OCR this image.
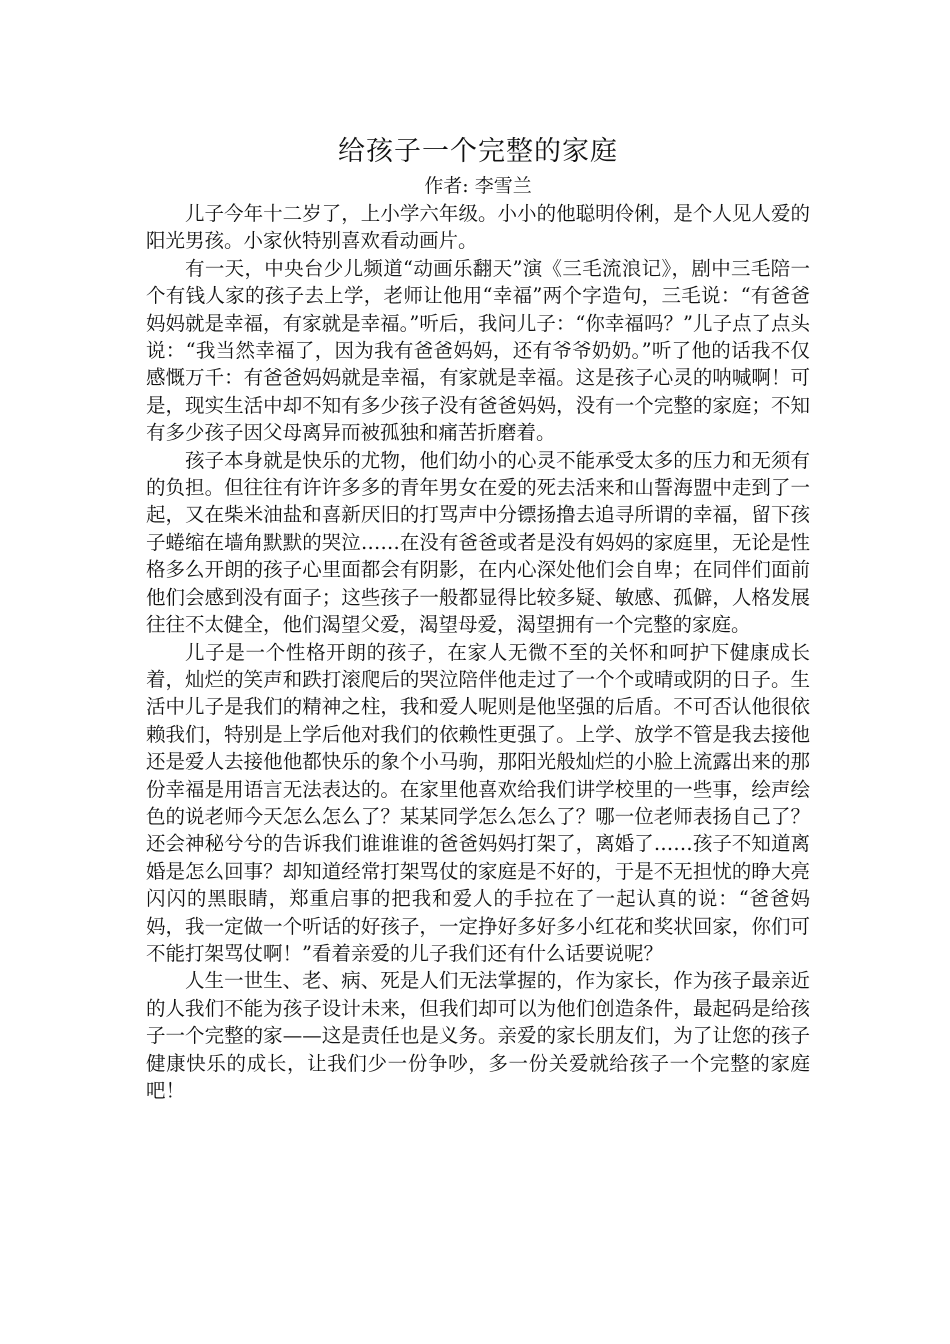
给孩子一个完整的家庭

作者: 李雪兰

儿子今年十二岁了，上小学六年级。小小的他聪明伶俐，是个人见人爱的阳光男孩。小家伙特别喜欢看动画片。

有一天，中央台少儿频道“动画乐翻天”演《三毛流浪记》，剧中三毛陪一个有钱人家的孩子去上学，老师让他用“幸福”两个字造句，三毛说：“有爸爸妈妈就是幸福，有家就是幸福。”听后，我问儿子：“你幸福吗？”儿子点了点头说：“我当然幸福了，因为我有爸爸妈妈，还有爷爷奶奶。”听了他的话我不仅感慨万千：有爸爸妈妈就是幸福，有家就是幸福。这是孩子心灵的呐喊啊！可是，现实生活中却不知有多少孩子没有爸爸妈妈，没有一个完整的家庭；不知有多少孩子因父母离异而被孤独和痛苦折磨着。

孩子本身就是快乐的尤物，他们幼小的心灵不能承受太多的压力和无须有的负担。但往往有许许多多的青年男女在爱的死去活来和山誓海盟中走到了一起，又在柴米油盐和喜新厌旧的打骂声中分镖扬撸去追寻所谓的幸福，留下孩子蜷缩在墙角默默的哭泣……在没有爸爸或者是没有妈妈的家庭里，无论是性格多么开朗的孩子心里面都会有阴影，在内心深处他们会自卑；在同伴们面前他们会感到没有面子；这些孩子一般都显得比较多疑、敏感、孤僻，人格发展往往不太健全，他们渴望父爱，渴望母爱，渴望拥有一个完整的家庭。

儿子是一个性格开朗的孩子，在家人无微不至的关怀和呵护下健康成长着，灿烂的笑声和跌打滚爬后的哭泣陪伴他走过了一个个或晴或阴的日子。生活中儿子是我们的精神之柱，我和爱人呢则是他坚强的后盾。不可否认他很依赖我们，特别是上学后他对我们的依赖性更强了。上学、放学不管是我去接他还是爱人去接他他都快乐的象个小马驹，那阳光般灿烂的小脸上流露出来的那份幸福是用语言无法表达的。在家里他喜欢给我们讲学校里的一些事，绘声绘色的说老师今天怎么怎么了？某某同学怎么怎么了？哪一位老师表扬自己了？还会神秘兮兮的告诉我们谁谁谁的爸爸妈妈打架了，离婚了……孩子不知道离婚是怎么回事？却知道经常打架骂仗的家庭是不好的，于是不无担忧的睁大亮闪闪的黑眼睛，郑重启事的把我和爱人的手拉在了一起认真的说：“爸爸妈妈，我一定做一个听话的好孩子，一定挣好多好多小红花和奖状回家，你们可不能打架骂仗啊！”看着亲爱的儿子我们还有什么话要说呢？

人生一世生、老、病、死是人们无法掌握的，作为家长，作为孩子最亲近的人我们不能为孩子设计未来，但我们却可以为他们创造条件，最起码是给孩子一个完整的家——这是责任也是义务。亲爱的家长朋友们，为了让您的孩子健康快乐的成长，让我们少一份争吵，多一份关爱就给孩子一个完整的家庭吧！
